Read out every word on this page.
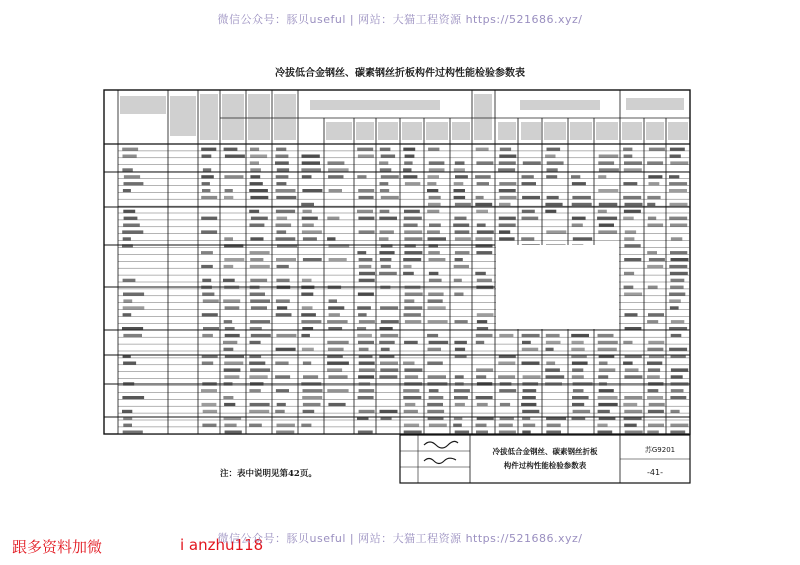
微信公众号：豚贝useful | 网站：大猫工程资源 https://521686.xyz/
冷拔低合金钢丝、碳素钢丝折板构件过构性能检验参数表
注：表中说明见第42页。
冷拔低合金钢丝、碳素钢丝折板
构件过构性能检验参数表
苏G9201
-41-
跟多资料加微	i anzhu118
微信公众号：豚贝useful | 网站：大猫工程资源 https://521686.xyz/
